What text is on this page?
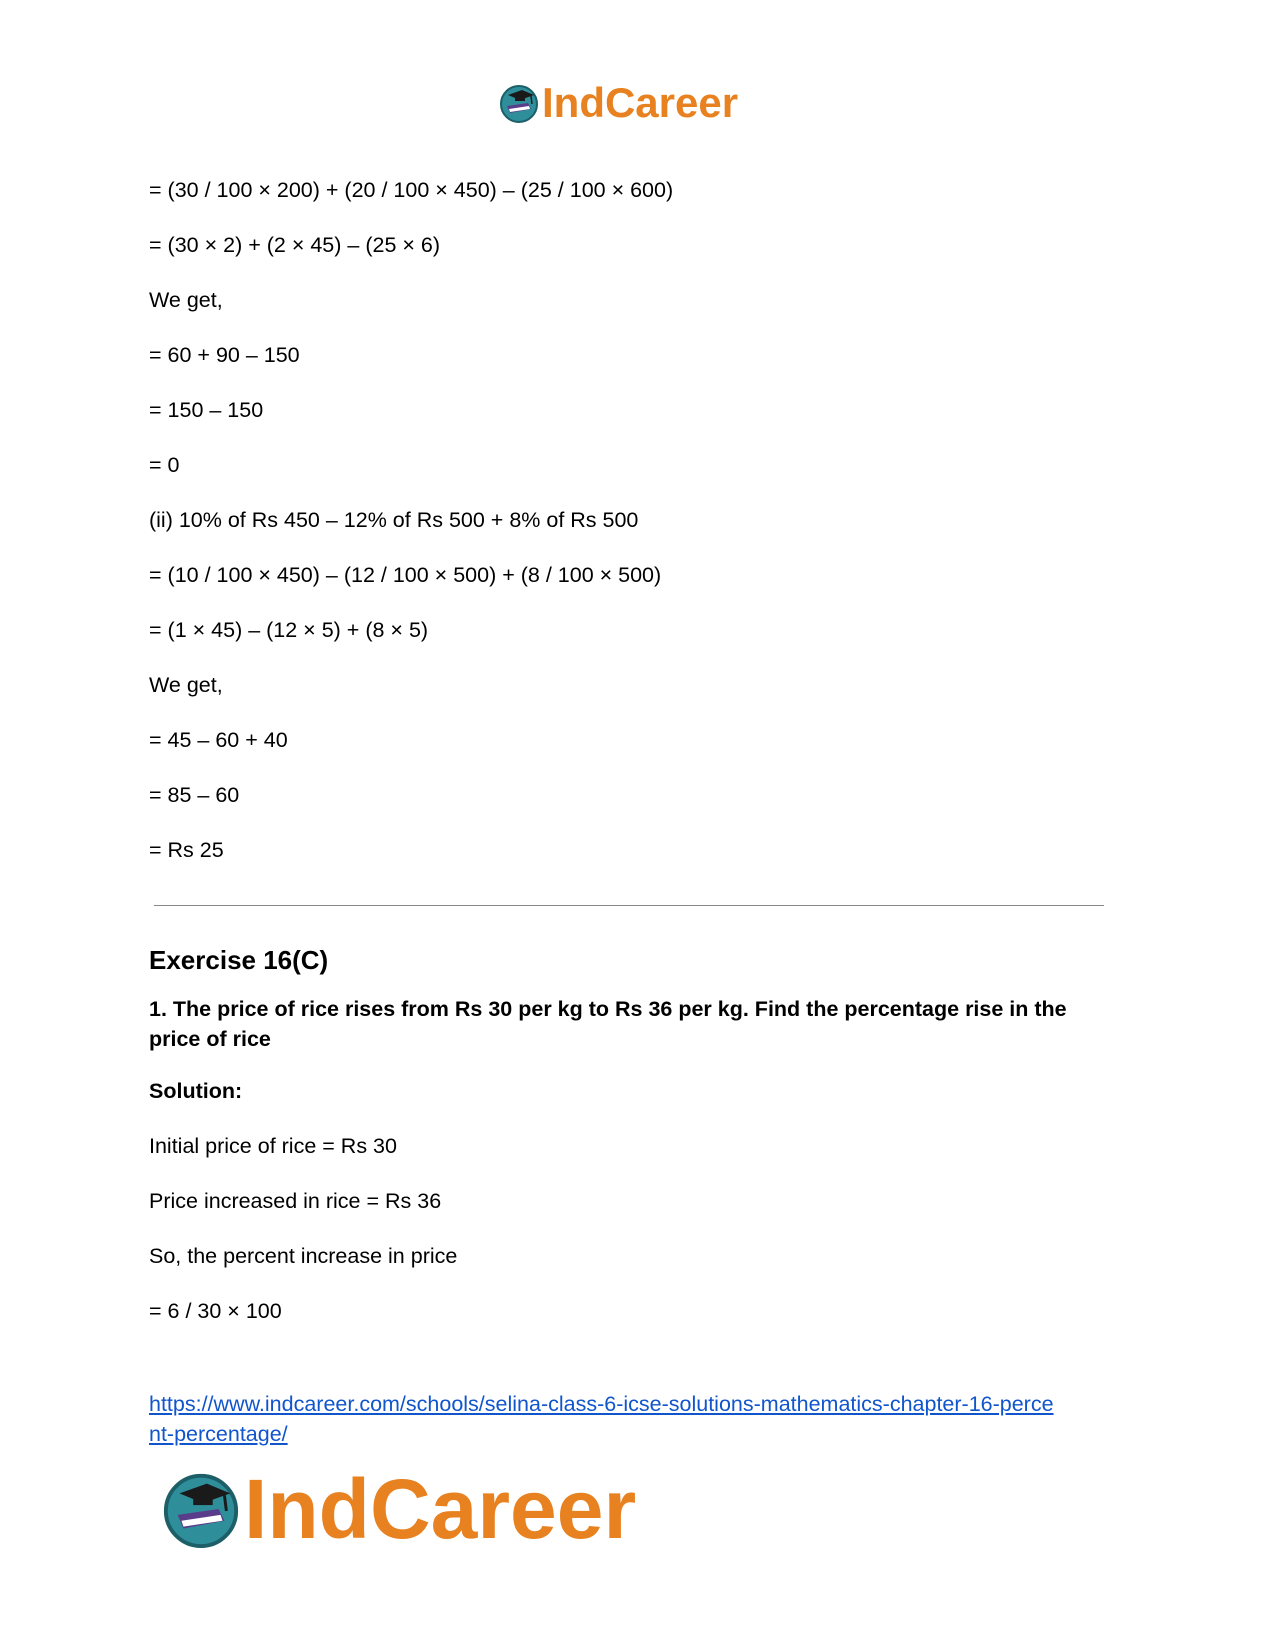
IndCareer
= (30 / 100 × 200) + (20 / 100 × 450) – (25 / 100 × 600)
= (30 × 2) + (2 × 45) – (25 × 6)
We get,
= 60 + 90 – 150
= 150 – 150
= 0
(ii) 10% of Rs 450 – 12% of Rs 500 + 8% of Rs 500
= (10 / 100 × 450) – (12 / 100 × 500) + (8 / 100 × 500)
= (1 × 45) – (12 × 5) + (8 × 5)
We get,
= 45 – 60 + 40
= 85 – 60
= Rs 25
Exercise 16(C)
1. The price of rice rises from Rs 30 per kg to Rs 36 per kg. Find the percentage rise in the price of rice
Solution:
Initial price of rice = Rs 30
Price increased in rice = Rs 36
So, the percent increase in price
= 6 / 30 × 100
https://www.indcareer.com/schools/selina-class-6-icse-solutions-mathematics-chapter-16-perce
nt-percentage/
IndCareer
